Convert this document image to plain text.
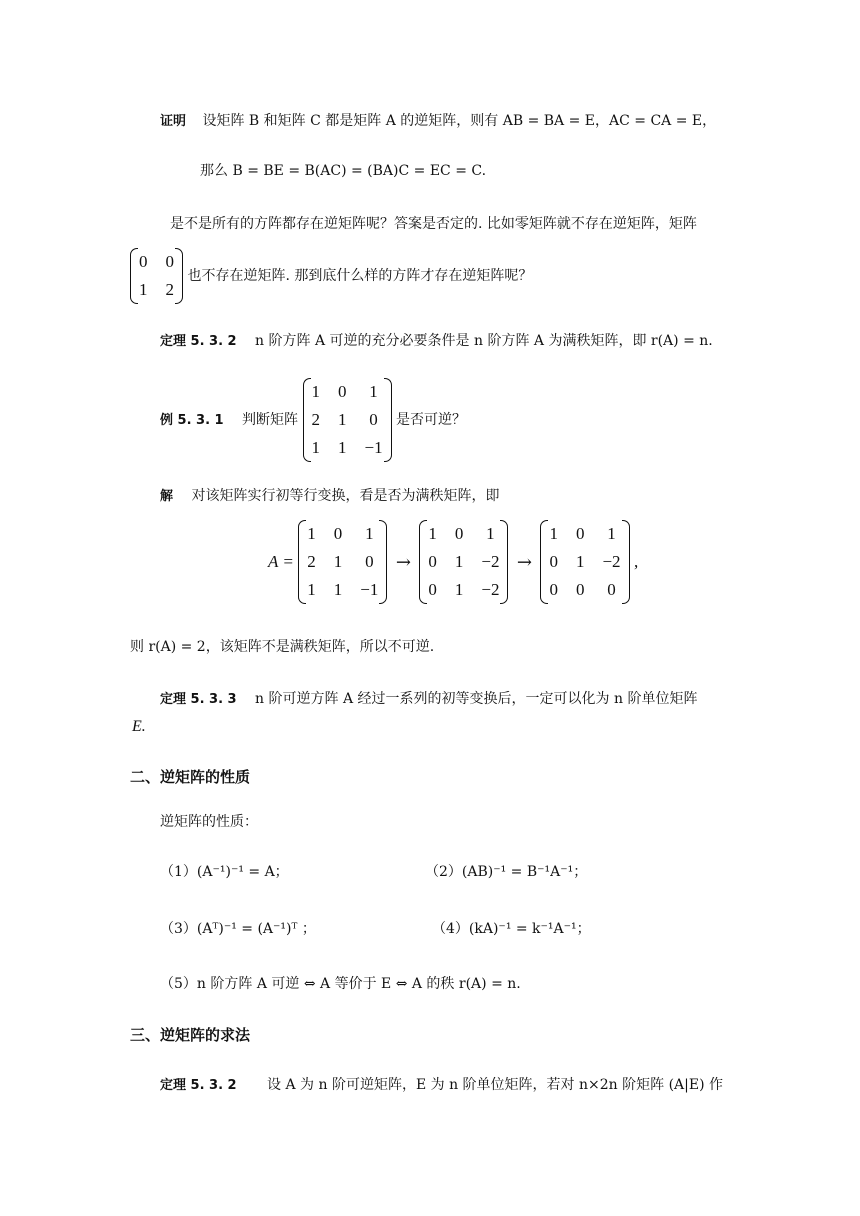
证明 设矩阵 B 和矩阵 C 都是矩阵 A 的逆矩阵，则有 AB = BA = E，AC = CA = E，
那么 B = BE = B(AC) = (BA)C = EC = C.
是不是所有的方阵都存在逆矩阵呢？答案是否定的. 比如零矩阵就不存在逆矩阵，矩阵
0	0
1	2
也不存在逆矩阵. 那到底什么样的方阵才存在逆矩阵呢？
定理 5. 3. 2 n 阶方阵 A 可逆的充分必要条件是 n 阶方阵 A 为满秩矩阵，即 r(A) = n.
例 5. 3. 1 判断矩阵
1	0	1
2	1	0
1	1	−1
是否可逆？
解 对该矩阵实行初等行变换，看是否为满秩矩阵，即
A =
1	0	1
2	1	0
1	1	−1
→
1	0	1
0	1	−2
0	1	−2
→
1	0	1
0	1	−2
0	0	0
,
则 r(A) = 2，该矩阵不是满秩矩阵，所以不可逆.
定理 5. 3. 3 n 阶可逆方阵 A 经过一系列的初等变换后，一定可以化为 n 阶单位矩阵
E.
二、逆矩阵的性质
逆矩阵的性质：
（1）(A⁻¹)⁻¹ = A；	（2）(AB)⁻¹ = B⁻¹A⁻¹；
（3）(Aᵀ)⁻¹ = (A⁻¹)ᵀ ；	（4）(kA)⁻¹ = k⁻¹A⁻¹；
（5）n 阶方阵 A 可逆 ⇔ A 等价于 E ⇔ A 的秩 r(A) = n.
三、逆矩阵的求法
定理 5. 3. 2 设 A 为 n 阶可逆矩阵，E 为 n 阶单位矩阵，若对 n×2n 阶矩阵 (A|E) 作
